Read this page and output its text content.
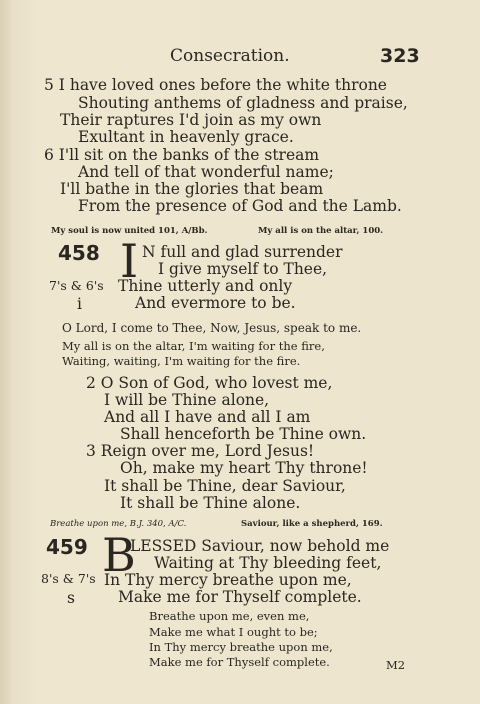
Consecration.	323
5 I have loved ones before the white throne
Shouting anthems of gladness and praise,
Their raptures I'd join as my own
Exultant in heavenly grace.
6 I'll sit on the banks of the stream
And tell of that wonderful name;
I'll bathe in the glories that beam
From the presence of God and the Lamb.
My soul is now united 101, A/Bb.	My all is on the altar, 100.
458 I N full and glad surrender
I give myself to Thee,
7's & 6's Thine utterly and only
i	And evermore to be.
O Lord, I come to Thee, Now, Jesus, speak to me.
My all is on the altar, I'm waiting for the fire,
Waiting, waiting, I'm waiting for the fire.
2 O Son of God, who lovest me,
I will be Thine alone,
And all I have and all I am
Shall henceforth be Thine own.
3 Reign over me, Lord Jesus!
Oh, make my heart Thy throne!
It shall be Thine, dear Saviour,
It shall be Thine alone.
Breathe upon me, B.J. 340, A/C.	Saviour, like a shepherd, 169.
459 B
LESSED Saviour, now behold me
Waiting at Thy bleeding feet,
8's & 7's In Thy mercy breathe upon me,
s	Make me for Thyself complete.
Breathe upon me, even me,
Make me what I ought to be;
In Thy mercy breathe upon me,
Make me for Thyself complete.	M2
